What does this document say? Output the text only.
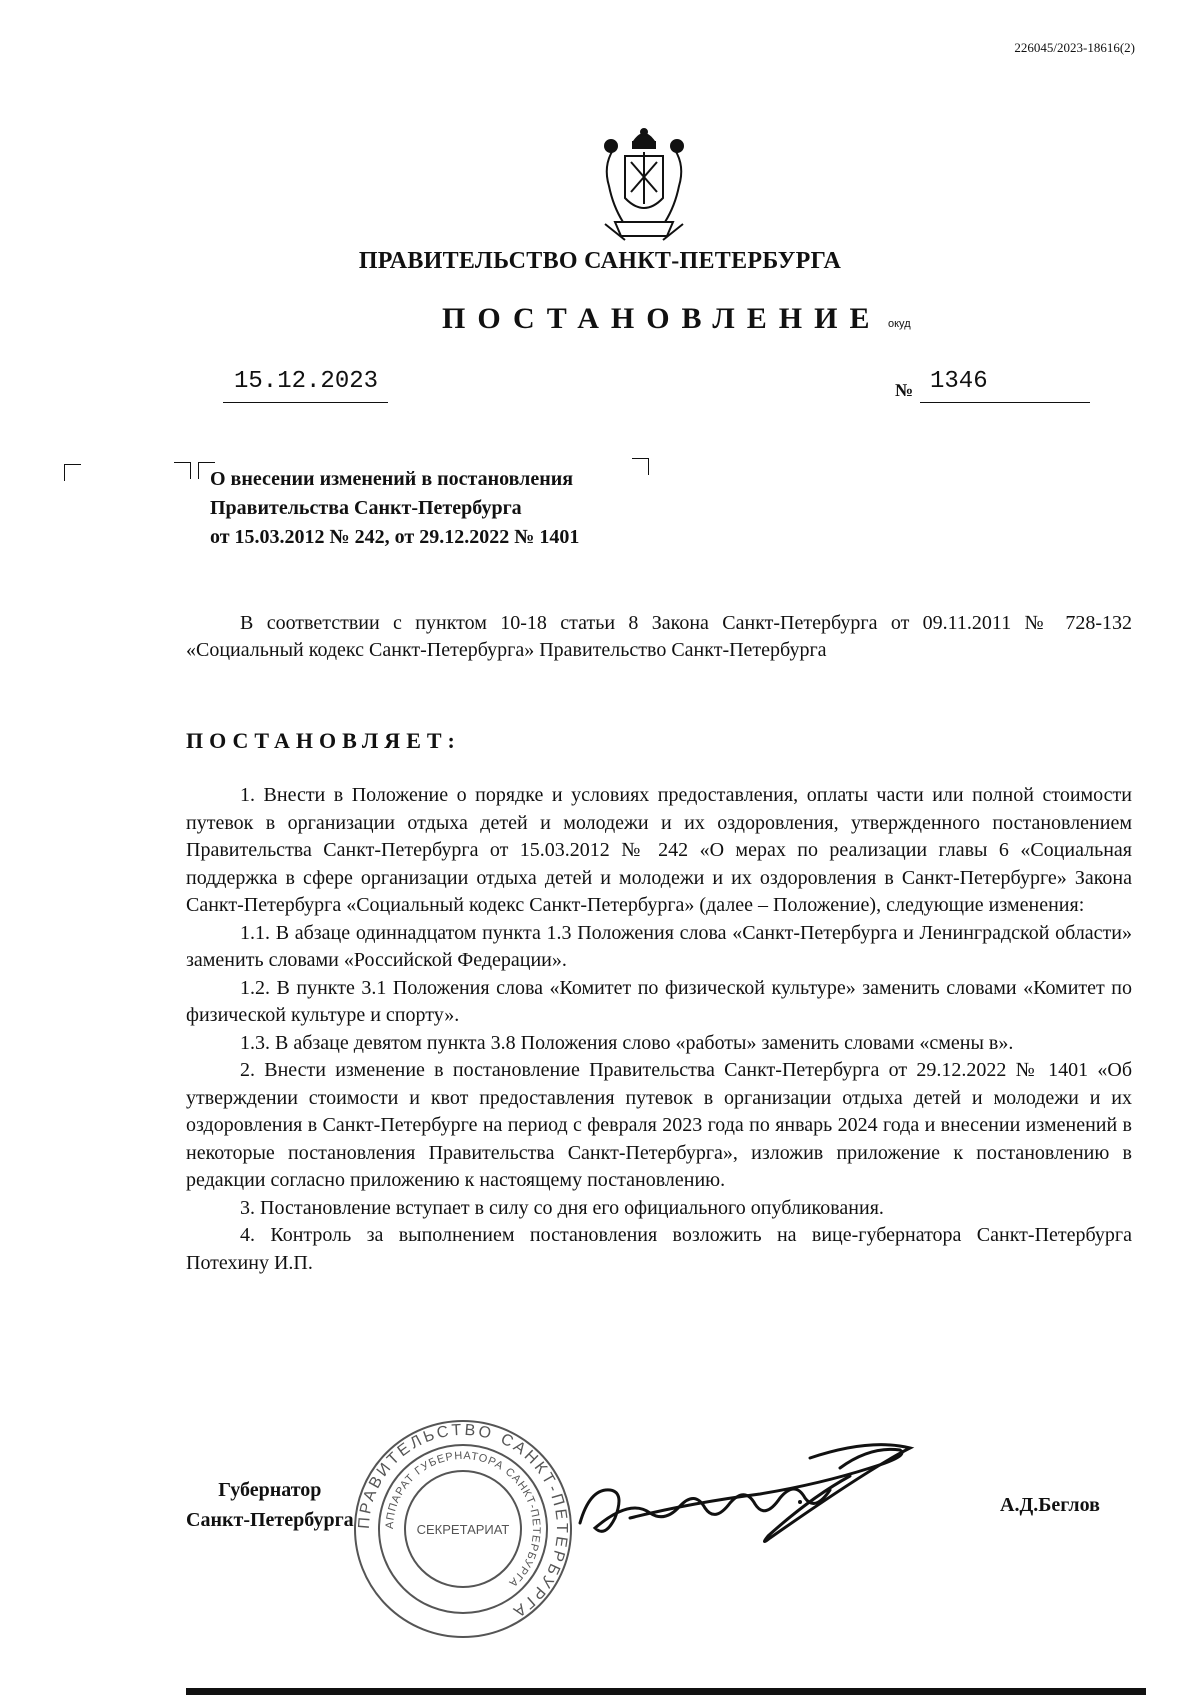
226045/2023-18616(2)
ПРАВИТЕЛЬСТВО САНКТ-ПЕТЕРБУРГА
ПОСТАНОВЛЕНИЕ окуд
15.12.2023	№ 1346
О внесении изменений в постановления
Правительства Санкт-Петербурга
от 15.03.2012 № 242, от 29.12.2022 № 1401

В соответствии с пунктом 10-18 статьи 8 Закона Санкт-Петербурга от 09.11.2011 № 728-132 «Социальный кодекс Санкт-Петербурга» Правительство Санкт-Петербурга

ПОСТАНОВЛЯЕТ:

1. Внести в Положение о порядке и условиях предоставления, оплаты части или полной стоимости путевок в организации отдыха детей и молодежи и их оздоровления, утвержденного постановлением Правительства Санкт-Петербурга от 15.03.2012 № 242 «О мерах по реализации главы 6 «Социальная поддержка в сфере организации отдыха детей и молодежи и их оздоровления в Санкт-Петербурге» Закона Санкт-Петербурга «Социальный кодекс Санкт-Петербурга» (далее – Положение), следующие изменения:

1.1. В абзаце одиннадцатом пункта 1.3 Положения слова «Санкт-Петербурга и Ленинградской области» заменить словами «Российской Федерации».

1.2. В пункте 3.1 Положения слова «Комитет по физической культуре» заменить словами «Комитет по физической культуре и спорту».

1.3. В абзаце девятом пункта 3.8 Положения слово «работы» заменить словами «смены в».

2. Внести изменение в постановление Правительства Санкт-Петербурга от 29.12.2022 № 1401 «Об утверждении стоимости и квот предоставления путевок в организации отдыха детей и молодежи и их оздоровления в Санкт-Петербурге на период с февраля 2023 года по январь 2024 года и внесении изменений в некоторые постановления Правительства Санкт-Петербурга», изложив приложение к постановлению в редакции согласно приложению к настоящему постановлению.

3. Постановление вступает в силу со дня его официального опубликования.

4. Контроль за выполнением постановления возложить на вице-губернатора Санкт-Петербурга Потехину И.П.

ПРАВИТЕЛЬСТВО САНКТ-ПЕТЕРБУРГА
АППАРАТ ГУБЕРНАТОРА САНКТ-ПЕТЕРБУРГА
СЕКРЕТАРИАТ
Губернатор
Санкт-Петербурга
А.Д.Беглов
